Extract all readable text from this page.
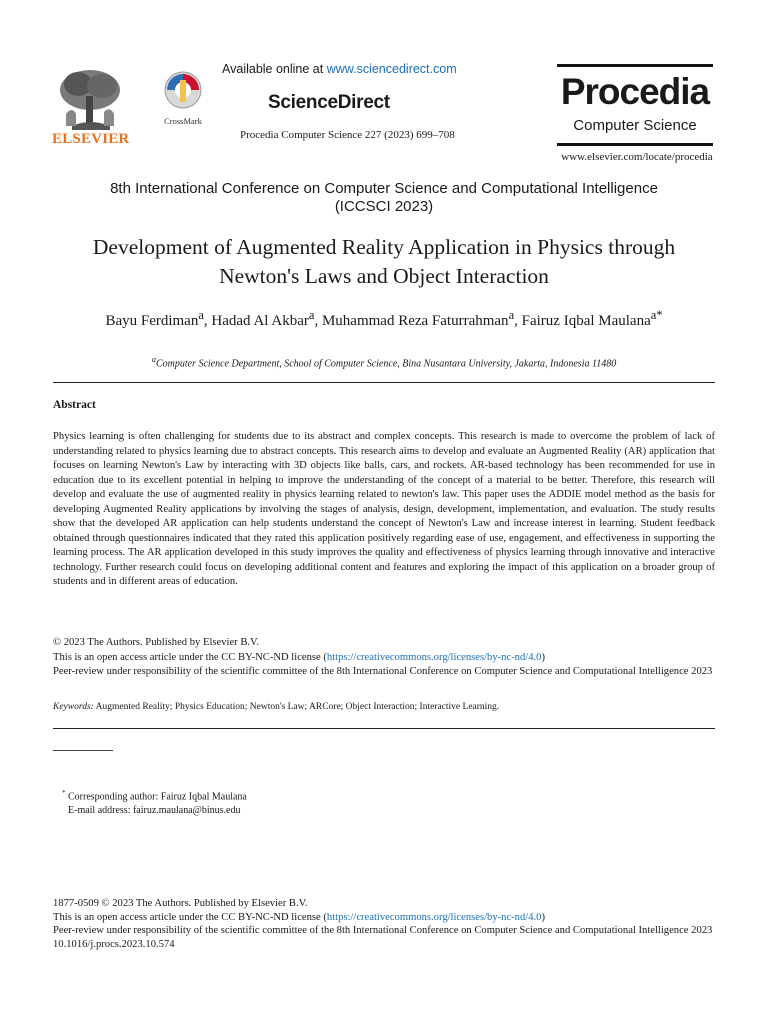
ELSEVIER
CrossMark
Available online at www.sciencedirect.com
ScienceDirect
Procedia Computer Science 227 (2023) 699–708
Procedia
Computer Science
www.elsevier.com/locate/procedia
8th International Conference on Computer Science and Computational Intelligence
(ICCSCI 2023)
Development of Augmented Reality Application in Physics through
Newton's Laws and Object Interaction
Bayu Ferdiman$^a$, Hadad Al Akbar$^a$, Muhammad Reza Faturrahman$^a$, Fairuz Iqbal Maulana$^{a*}$
$^a$Computer Science Department, School of Computer Science, Bina Nusantara University, Jakarta, Indonesia 11480
Abstract
Physics learning is often challenging for students due to its abstract and complex concepts. This research is made to overcome the problem of lack of understanding related to physics learning due to abstract concepts. This research aims to develop and evaluate an Augmented Reality (AR) application that focuses on learning Newton's Law by interacting with 3D objects like balls, cars, and rockets. AR-based technology has been recommended for use in education due to its excellent potential in helping to improve the understanding of the concept of a material to be better. Therefore, this research will develop and evaluate the use of augmented reality in physics learning related to newton's law. This paper uses the ADDIE model method as the basis for developing Augmented Reality applications by involving the stages of analysis, design, development, implementation, and evaluation. The study results show that the developed AR application can help students understand the concept of Newton's Law and increase interest in learning. Student feedback obtained through questionnaires indicated that they rated this application positively regarding ease of use, engagement, and effectiveness in supporting the learning process. The AR application developed in this study improves the quality and effectiveness of physics learning through innovative and interactive technology. Further research could focus on developing additional content and features and exploring the impact of this application on a broader group of students and in different areas of education.
© 2023 The Authors. Published by Elsevier B.V.
This is an open access article under the CC BY-NC-ND license (https://creativecommons.org/licenses/by-nc-nd/4.0)
Peer-review under responsibility of the scientific committee of the 8th International Conference on Computer Science and Computational Intelligence 2023
Keywords: Augmented Reality; Physics Education; Newton's Law; ARCore; Object Interaction; Interactive Learning.
* Corresponding author: Fairuz Iqbal Maulana
E-mail address: fairuz.maulana@binus.edu
1877-0509 © 2023 The Authors. Published by Elsevier B.V.
This is an open access article under the CC BY-NC-ND license (https://creativecommons.org/licenses/by-nc-nd/4.0)
Peer-review under responsibility of the scientific committee of the 8th International Conference on Computer Science and Computational Intelligence 2023
10.1016/j.procs.2023.10.574
